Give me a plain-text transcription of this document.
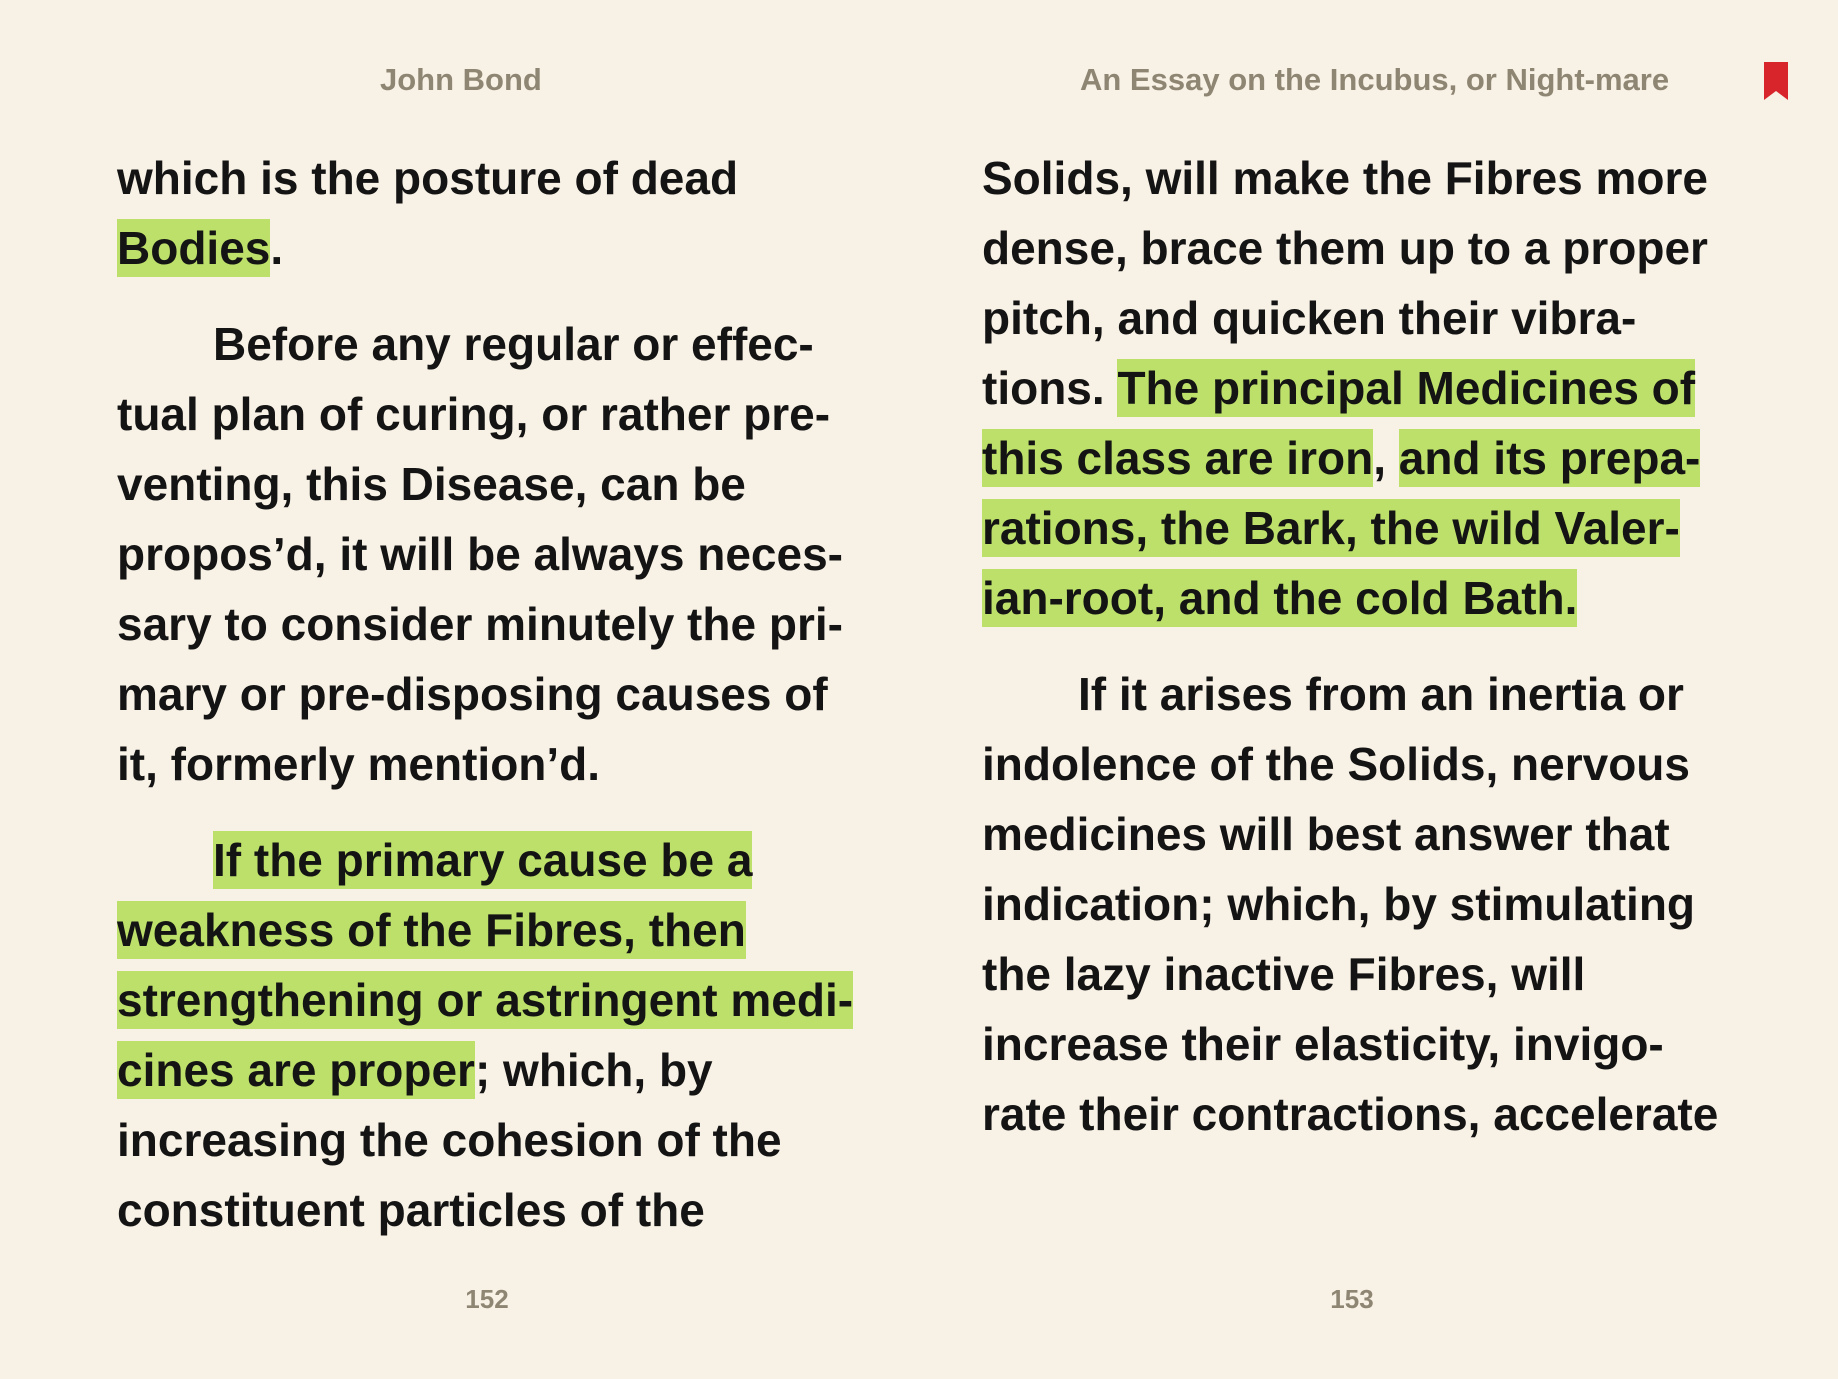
John Bond	An Essay on the Incubus, or Night-mare

which is the posture of dead
Bodies.

Before any regular or effec-
tual plan of curing, or rather pre-
venting, this Disease, can be
propos’d, it will be always neces-
sary to consider minutely the pri-
mary or pre-disposing causes of
it, formerly mention’d.

If the primary cause be a
weakness of the Fibres, then
strengthening or astringent medi-
cines are proper; which, by
increasing the cohesion of the
constituent particles of the

Solids, will make the Fibres more
dense, brace them up to a proper
pitch, and quicken their vibra-
tions. The principal Medicines of
this class are iron, and its prepa-
rations, the Bark, the wild Valer-
ian-root, and the cold Bath.

If it arises from an inertia or
indolence of the Solids, nervous
medicines will best answer that
indication; which, by stimulating
the lazy inactive Fibres, will
increase their elasticity, invigo-
rate their contractions, accelerate

152	153
